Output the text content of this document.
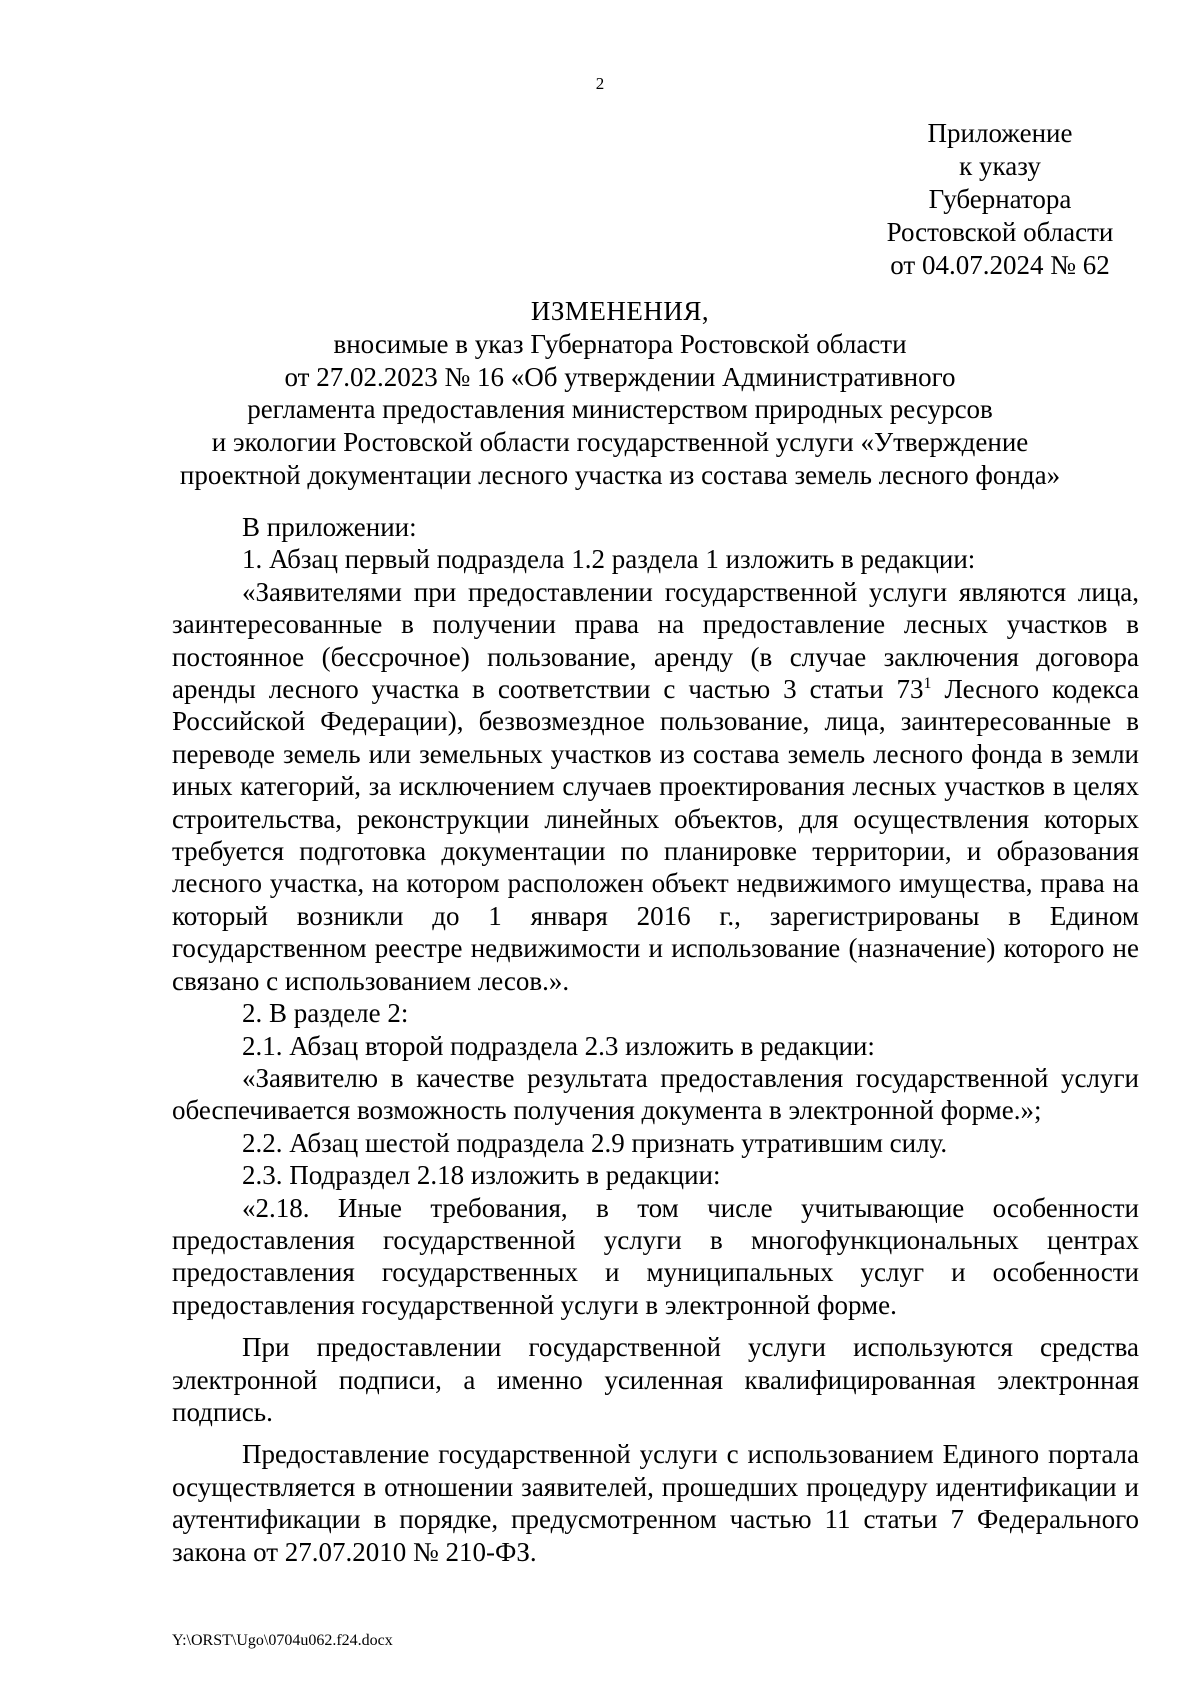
2
Приложение
к указу
Губернатора
Ростовской области
от 04.07.2024 № 62
ИЗМЕНЕНИЯ,
вносимые в указ Губернатора Ростовской области
от 27.02.2023 № 16 «Об утверждении Административного
регламента предоставления министерством природных ресурсов
и экологии Ростовской области государственной услуги «Утверждение
проектной документации лесного участка из состава земель лесного фонда»

В приложении:

1. Абзац первый подраздела 1.2 раздела 1 изложить в редакции:

«Заявителями при предоставлении государственной услуги являются лица, заинтересованные в получении права на предоставление лесных участков в постоянное (бессрочное) пользование, аренду (в случае заключения договора аренды лесного участка в соответствии с частью 3 статьи $73^1$ Лесного кодекса Российской Федерации), безвозмездное пользование, лица, заинтересованные в переводе земель или земельных участков из состава земель лесного фонда в земли иных категорий, за исключением случаев проектирования лесных участков в целях строительства, реконструкции линейных объектов, для осуществления которых требуется подготовка документации по планировке территории, и образования лесного участка, на котором расположен объект недвижимого имущества, права на который возникли до 1 января 2016 г., зарегистрированы в Едином государственном реестре недвижимости и использование (назначение) которого не связано с использованием лесов.».

2. В разделе 2:

2.1. Абзац второй подраздела 2.3 изложить в редакции:

«Заявителю в качестве результата предоставления государственной услуги обеспечивается возможность получения документа в электронной форме.»;

2.2. Абзац шестой подраздела 2.9 признать утратившим силу.

2.3. Подраздел 2.18 изложить в редакции:

«2.18. Иные требования, в том числе учитывающие особенности предоставления государственной услуги в многофункциональных центрах предоставления государственных и муниципальных услуг и особенности предоставления государственной услуги в электронной форме.

При предоставлении государственной услуги используются средства электронной подписи, а именно усиленная квалифицированная электронная подпись.

Предоставление государственной услуги с использованием Единого портала осуществляется в отношении заявителей, прошедших процедуру идентификации и аутентификации в порядке, предусмотренном частью 11 статьи 7 Федерального закона от 27.07.2010 № 210-ФЗ.

Y:\ORST\Ugo\0704u062.f24.docx
